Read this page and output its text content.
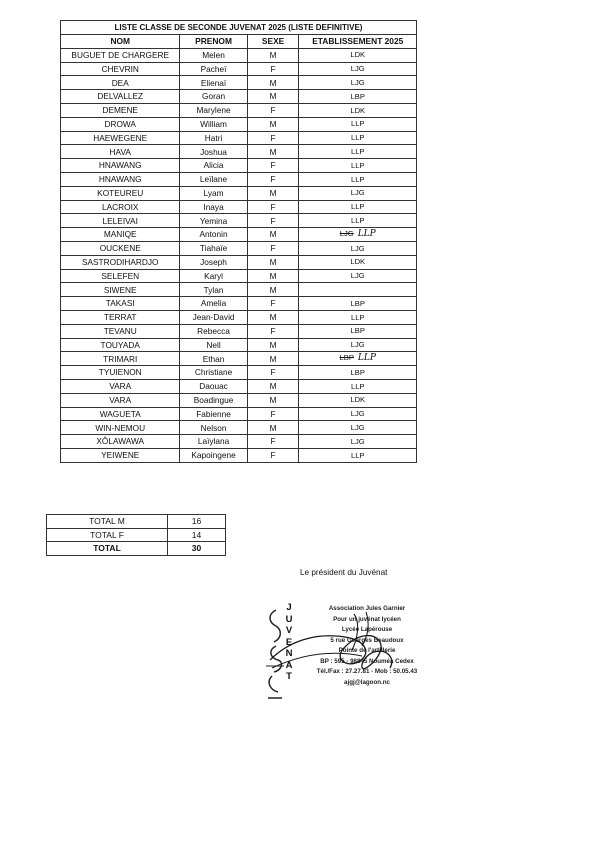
LISTE CLASSE DE SECONDE JUVENAT 2025 (LISTE DEFINITIVE)			
NOM	PRENOM	SEXE	ETABLISSEMENT 2025
BUGUET DE CHARGERE	Melen	M	LDK
CHEVRIN	Pacheï	F	LJG
DEA	Elienaï	M	LJG
DELVALLEZ	Goran	M	LBP
DEMENE	Marylene	F	LDK
DROWA	William	M	LLP
HAEWEGENE	Hatri	F	LLP
HAVA	Joshua	M	LLP
HNAWANG	Alicia	F	LLP
HNAWANG	Leïlane	F	LLP
KOTEUREU	Lyam	M	LJG
LACROIX	Inaya	F	LLP
LELEIVAI	Yemina	F	LLP
MANIQE	Antonin	M	LJG LLP
OUCKENE	Tiahaïe	F	LJG
SASTRODIHARDJO	Joseph	M	LDK
SELEFEN	Karyl	M	LJG
SIWENE	Tylan	M	
TAKASI	Amelia	F	LBP
TERRAT	Jean-David	M	LLP
TEVANU	Rebecca	F	LBP
TOUYADA	Nell	M	LJG
TRIMARI	Ethan	M	LBP LLP
TYUIENON	Christiane	F	LBP
VARA	Daouac	M	LLP
VARA	Boadingue	M	LDK
WAGUETA	Fabienne	F	LJG
WIN-NEMOU	Nelson	M	LJG
XÔLAWAWA	Laïylana	F	LJG
YEIWENE	Kapoingene	F	LLP
TOTAL M	16
TOTAL F	14
TOTAL	30
Le président du Juvénat
J
U
V
E
N
A
T
Association Jules Garnier
Pour un juvénat lycéen
Lycée Lapérouse
5 rue Georges Beaudoux
Pointe de l'artillerie
BP : 595 - 98845 Nouméa Cedex
Tél./Fax : 27.27.81 - Mob : 50.05.43
ajgj@lagoon.nc
